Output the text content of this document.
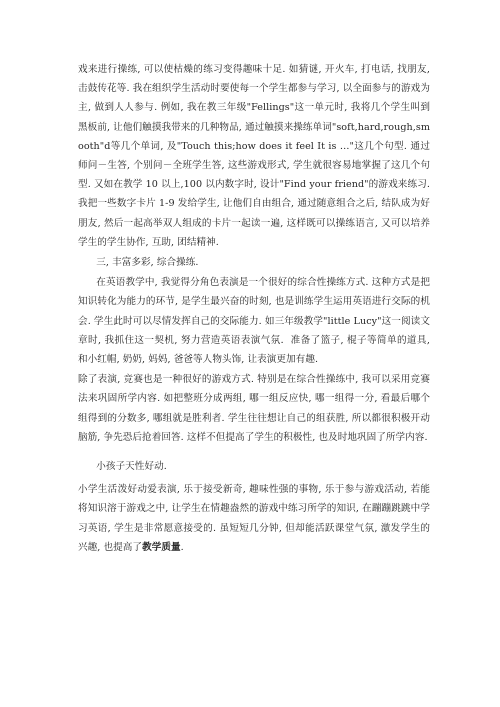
戏来进行操练, 可以使枯燥的练习变得趣味十足. 如猜谜, 开火车, 打电话, 找朋友, 击鼓传花等. 我在组织学生活动时要使每一个学生都参与学习, 以全面参与的游戏为主, 做到人人参与. 例如, 我在教三年级"Fellings"这一单元时, 我将几个学生叫到黑板前, 让他们触摸我带来的几种物品, 通过触摸来操练单词"soft,hard,rough,smooth"d等几个单词, 及"Touch this;how does it feel It is …"这几个句型. 通过师问－生答, 个别问－全班学生答, 这些游戏形式, 学生就很容易地掌握了这几个句型. 又如在教学 10 以上,100 以内数字时, 设计"Find your friend"的游戏来练习. 我把一些数字卡片 1-9 发给学生, 让他们自由组合, 通过随意组合之后, 结队成为好朋友, 然后一起高举双人组成的卡片一起读一遍, 这样既可以操练语言, 又可以培养学生的学生协作, 互助, 团结精神.
三, 丰富多彩, 综合操练.
在英语教学中, 我觉得分角色表演是一个很好的综合性操练方式. 这种方式是把知识转化为能力的环节, 是学生最兴奋的时刻, 也是训练学生运用英语进行交际的机会. 学生此时可以尽情发挥自己的交际能力. 如三年级教学"little Lucy"这一阅读文章时, 我抓住这一契机, 努力营造英语表演气氛．准备了篮子, 棍子等简单的道具, 和小红帽, 奶奶, 妈妈, 爸爸等人物头饰, 让表演更加有趣.
除了表演, 竞赛也是一种很好的游戏方式. 特别是在综合性操练中, 我可以采用竞赛法来巩固所学内容. 如把整班分成两组, 哪一组反应快, 哪一组得一分, 看最后哪个组得到的分数多, 哪组就是胜利者. 学生往往想让自己的组获胜, 所以都很积极开动脑筋, 争先恐后抢着回答. 这样不但提高了学生的积极性, 也及时地巩固了所学内容.
小孩子天性好动.
小学生活泼好动爱表演, 乐于接受新奇, 趣味性强的事物, 乐于参与游戏活动, 若能将知识溶于游戏之中, 让学生在情趣盎然的游戏中练习所学的知识, 在蹦蹦跳跳中学习英语, 学生是非常愿意接受的. 虽短短几分钟, 但却能活跃课堂气氛, 激发学生的兴趣, 也提高了教学质量.
